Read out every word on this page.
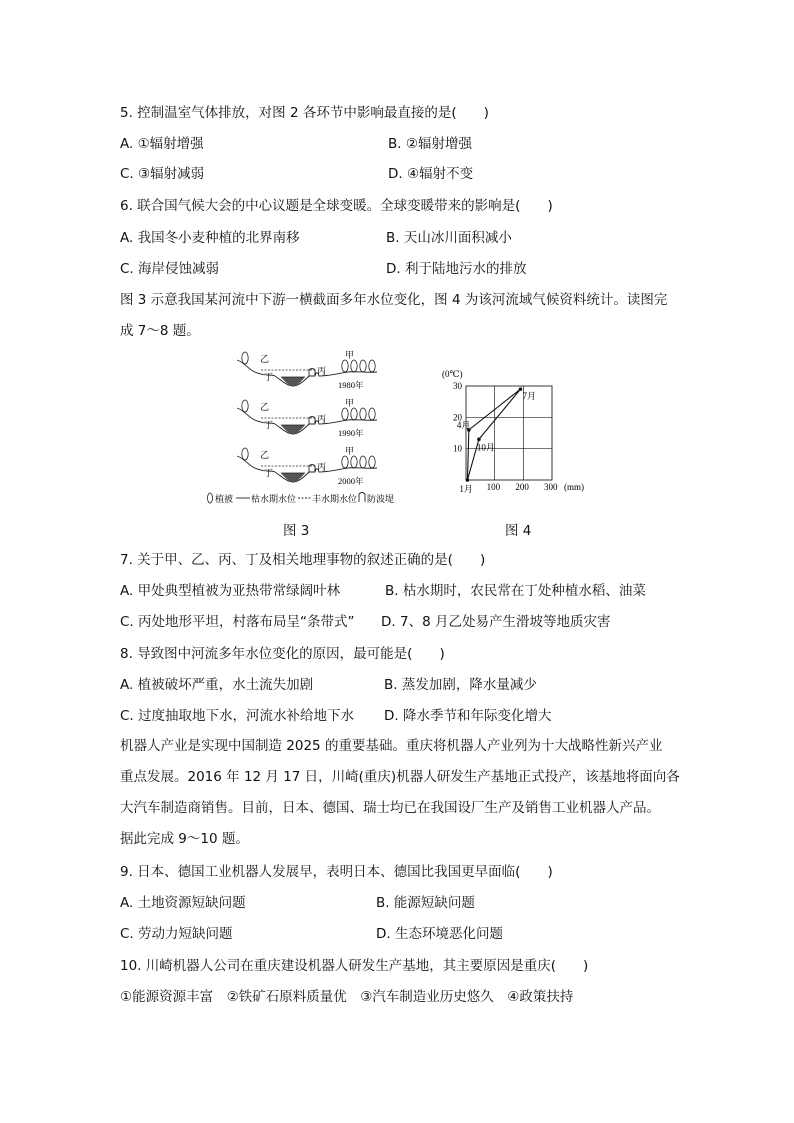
5. 控制温室气体排放，对图 2 各环节中影响最直接的是(　　)
A. ①辐射增强	B. ②辐射增强
C. ③辐射减弱	D. ④辐射不变
6. 联合国气候大会的中心议题是全球变暖。全球变暖带来的影响是(　　)
A. 我国冬小麦种植的北界南移	B. 天山冰川面积减小
C. 海岸侵蚀减弱	D. 利于陆地污水的排放
图 3 示意我国某河流中下游一横截面多年水位变化，图 4 为该河流域气候资料统计。读图完
成 7～8 题。
乙
丁
丙
甲
1980年
乙
丁
丙
甲
1990年
乙
丁
丙
甲
2000年
植被 枯水期水位 丰水期水位 防波堤
图 3
100 200 300
10
20
30
1月
4月
7月
10月
(0℃)
(mm)
图 4
7. 关于甲、乙、丙、丁及相关地理事物的叙述正确的是(　　)
A. 甲处典型植被为亚热带常绿阔叶林	B. 枯水期时，农民常在丁处种植水稻、油菜
C. 丙处地形平坦，村落布局呈“条带式” D. 7、8 月乙处易产生滑坡等地质灾害
8. 导致图中河流多年水位变化的原因，最可能是(　　)
A. 植被破坏严重，水土流失加剧	B. 蒸发加剧，降水量减少
C. 过度抽取地下水，河流水补给地下水 D. 降水季节和年际变化增大
机器人产业是实现中国制造 2025 的重要基础。重庆将机器人产业列为十大战略性新兴产业
重点发展。2016 年 12 月 17 日，川崎(重庆)机器人研发生产基地正式投产，该基地将面向各
大汽车制造商销售。目前，日本、德国、瑞士均已在我国设厂生产及销售工业机器人产品。
据此完成 9～10 题。
9. 日本、德国工业机器人发展早，表明日本、德国比我国更早面临(　　)
A. 土地资源短缺问题	B. 能源短缺问题
C. 劳动力短缺问题	D. 生态环境恶化问题
10. 川崎机器人公司在重庆建设机器人研发生产基地，其主要原因是重庆(　　)
①能源资源丰富　②铁矿石原料质量优　③汽车制造业历史悠久　④政策扶持
